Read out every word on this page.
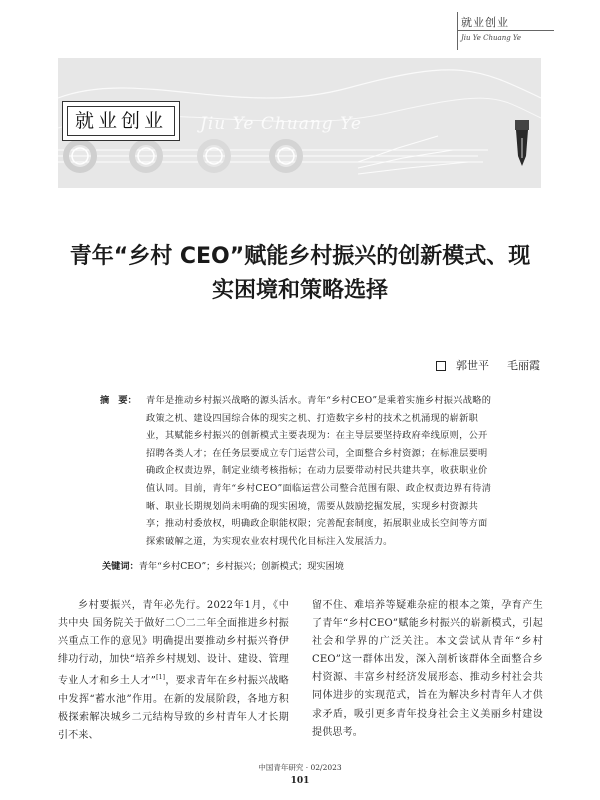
就业创业
Jiu Ye Chuang Ye
就业创业	Jiu Ye Chuang Ye
青年“乡村 CEO”赋能乡村振兴的创新模式、现实困境和策略选择
郭世平 毛丽霞
摘　要：	青年是推动乡村振兴战略的源头活水。青年“乡村CEO”是乘着实施乡村振兴战略的政策之机、建设四国综合体的现实之机、打造数字乡村的技术之机涌现的崭新职业，其赋能乡村振兴的创新模式主要表现为：在主导层要坚持政府牵线原则，公开招聘各类人才；在任务层要成立专门运营公司，全面整合乡村资源；在标准层要明确政企权责边界，制定业绩考核指标；在动力层要带动村民共建共享，收获职业价值认同。目前，青年“乡村CEO”面临运营公司整合范围有限、政企权责边界有待清晰、职业长期规划尚未明确的现实困境，需要从鼓励挖掘发展，实现乡村资源共享；推动村委放权，明确政企职能权限；完善配套制度，拓展职业成长空间等方面探索破解之道，为实现农业农村现代化目标注入发展活力。
关键词：青年“乡村CEO”；乡村振兴；创新模式；现实困境

乡村要振兴，青年必先行。2022年1月，《中共中央 国务院关于做好二〇二二年全面推进乡村振兴重点工作的意见》明确提出要推动乡村振兴脊伊绯功行动，加快“培养乡村规划、设计、建设、管理专业人才和乡土人才”[1]，要求青年在乡村振兴战略中发挥“蓄水池”作用。在新的发展阶段，各地方积极探索解决城乡二元结构导致的乡村青年人才长期引不来、

留不住、难培养等疑难杂症的根本之策，孕育产生了青年“乡村CEO”赋能乡村振兴的崭新模式，引起社会和学界的广泛关注。本文尝试从青年“乡村CEO”这一群体出发，深入剖析该群体全面整合乡村资源、丰富乡村经济发展形态、推动乡村社会共同体进步的实现范式，旨在为解决乡村青年人才供求矛盾，吸引更多青年投身社会主义美丽乡村建设提供思考。

中国青年研究 · 02/2023
101
